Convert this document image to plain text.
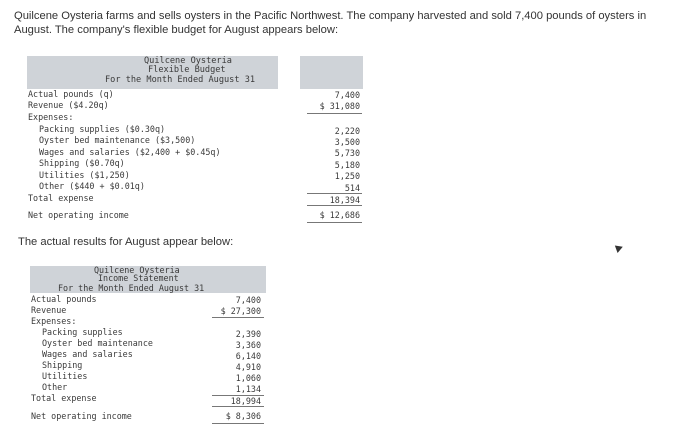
Quilcene Oysteria farms and sells oysters in the Pacific Northwest. The company harvested and sold 7,400 pounds of oysters in
August. The company's flexible budget for August appears below:
Quilcene Oysteria
Flexible Budget
For the Month Ended August 31
Actual pounds (q)
Revenue ($4.20q)
Expenses:
Packing supplies ($0.30q)
Oyster bed maintenance ($3,500)
Wages and salaries ($2,400 + $0.45q)
Shipping ($0.70q)
Utilities ($1,250)
Other ($440 + $0.01q)
Total expense
Net operating income
7,400
$ 31,080
2,220
3,500
5,730
5,180
1,250
514
18,394
$ 12,686
The actual results for August appear below:
Quilcene Oysteria
Income Statement
For the Month Ended August 31
Actual pounds
Revenue
Expenses:
Packing supplies
Oyster bed maintenance
Wages and salaries
Shipping
Utilities
Other
Total expense
Net operating income
7,400
$ 27,300
2,390
3,360
6,140
4,910
1,060
1,134
18,994
$ 8,306
